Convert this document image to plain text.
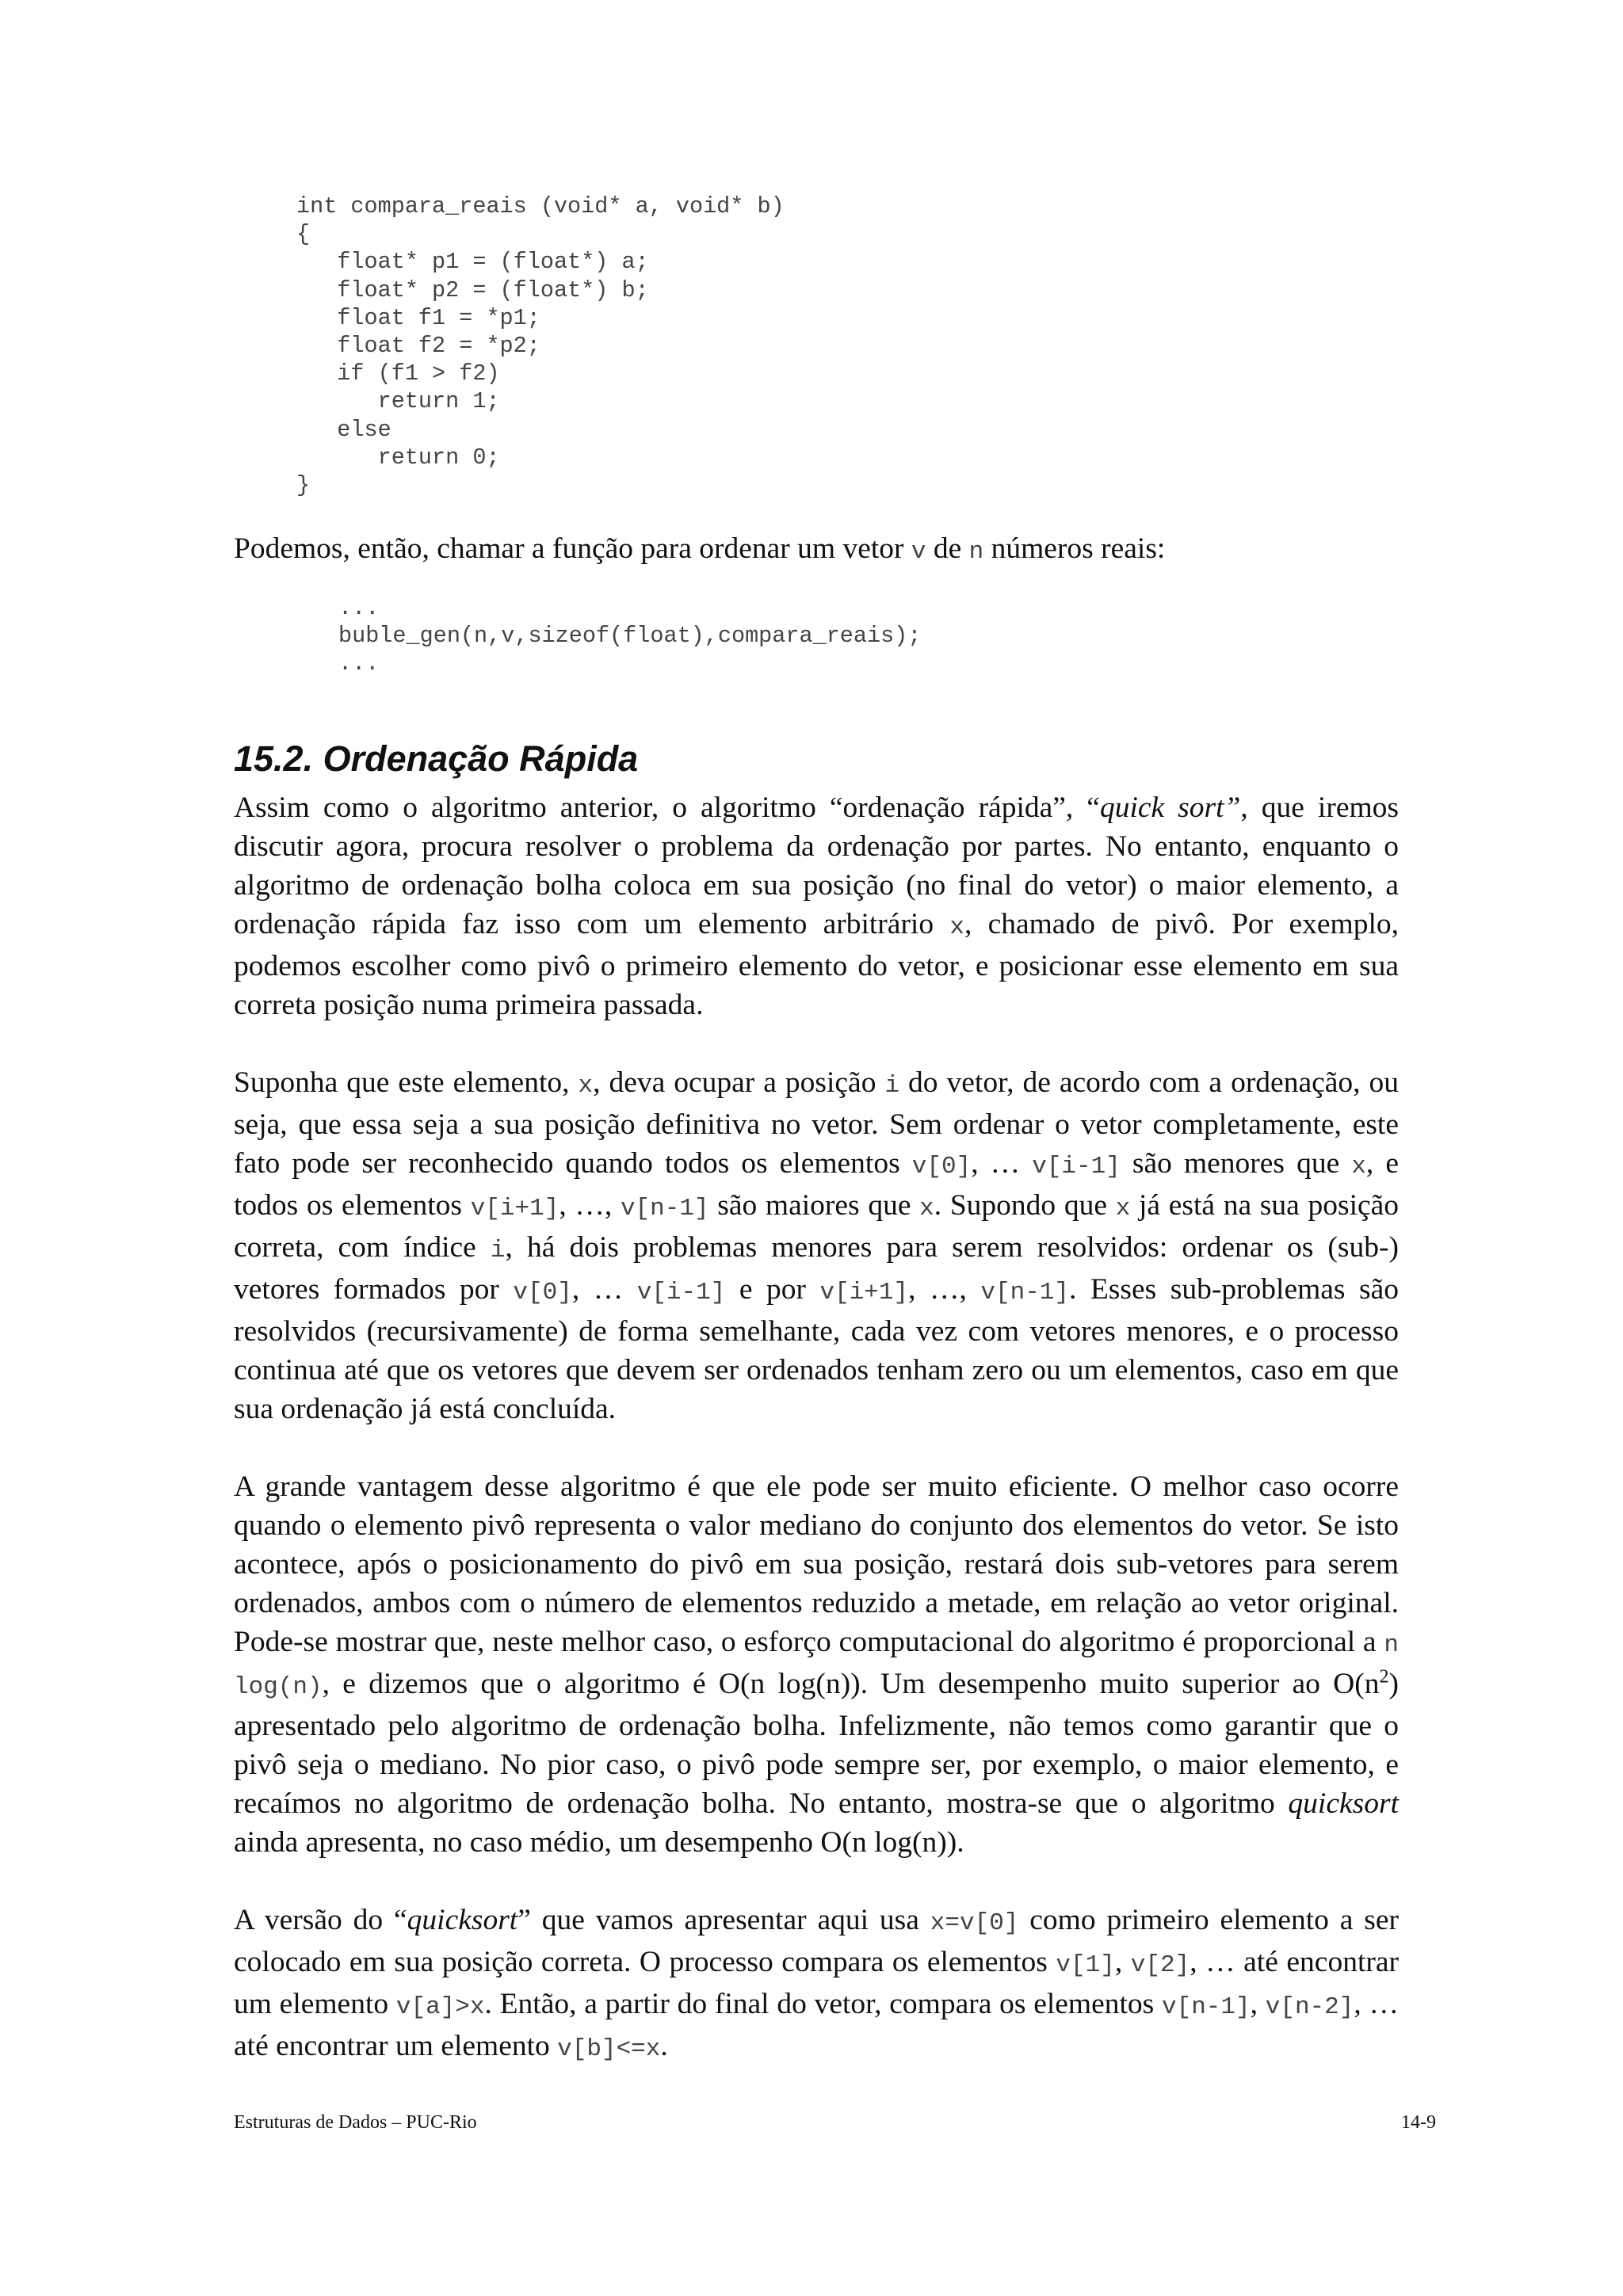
int compara_reais (void* a, void* b)
{
float* p1 = (float*) a;
float* p2 = (float*) b;
float f1 = *p1;
float f2 = *p2;
if (f1 > f2)
return 1;
else
return 0;
}
Podemos, então, chamar a função para ordenar um vetor v de n números reais:
...
buble_gen(n,v,sizeof(float),compara_reais);
...
15.2. Ordenação Rápida

Assim como o algoritmo anterior, o algoritmo “ordenação rápida”, “quick sort”, que iremos discutir agora, procura resolver o problema da ordenação por partes. No entanto, enquanto o algoritmo de ordenação bolha coloca em sua posição (no final do vetor) o maior elemento, a ordenação rápida faz isso com um elemento arbitrário x, chamado de pivô. Por exemplo, podemos escolher como pivô o primeiro elemento do vetor, e posicionar esse elemento em sua correta posição numa primeira passada.

Suponha que este elemento, x, deva ocupar a posição i do vetor, de acordo com a ordenação, ou seja, que essa seja a sua posição definitiva no vetor. Sem ordenar o vetor completamente, este fato pode ser reconhecido quando todos os elementos v[0], … v[i-1] são menores que x, e todos os elementos v[i+1], …, v[n-1] são maiores que x. Supondo que x já está na sua posição correta, com índice i, há dois problemas menores para serem resolvidos: ordenar os (sub-) vetores formados por v[0], … v[i-1] e por v[i+1], …, v[n-1]. Esses sub-problemas são resolvidos (recursivamente) de forma semelhante, cada vez com vetores menores, e o processo continua até que os vetores que devem ser ordenados tenham zero ou um elementos, caso em que sua ordenação já está concluída.

A grande vantagem desse algoritmo é que ele pode ser muito eficiente. O melhor caso ocorre quando o elemento pivô representa o valor mediano do conjunto dos elementos do vetor. Se isto acontece, após o posicionamento do pivô em sua posição, restará dois sub-vetores para serem ordenados, ambos com o número de elementos reduzido a metade, em relação ao vetor original. Pode-se mostrar que, neste melhor caso, o esforço computacional do algoritmo é proporcional a n log(n), e dizemos que o algoritmo é O(n log(n)). Um desempenho muito superior ao $O(n^2)$ apresentado pelo algoritmo de ordenação bolha. Infelizmente, não temos como garantir que o pivô seja o mediano. No pior caso, o pivô pode sempre ser, por exemplo, o maior elemento, e recaímos no algoritmo de ordenação bolha. No entanto, mostra-se que o algoritmo quicksort ainda apresenta, no caso médio, um desempenho O(n log(n)).

A versão do “quicksort” que vamos apresentar aqui usa x=v[0] como primeiro elemento a ser colocado em sua posição correta. O processo compara os elementos v[1], v[2], … até encontrar um elemento v[a]>x. Então, a partir do final do vetor, compara os elementos v[n-1], v[n-2], … até encontrar um elemento v[b]<=x.

Estruturas de Dados – PUC-Rio	14-9
